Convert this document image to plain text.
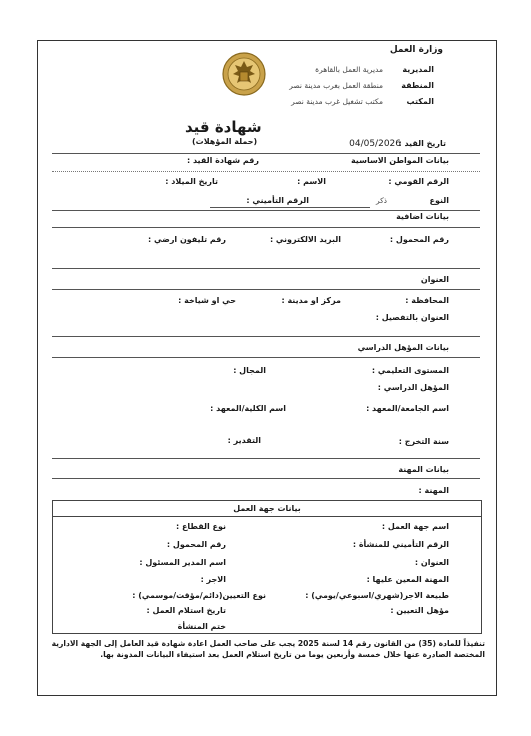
وزارة العمل
المديرية
مديرية العمل بالقاهرة
المنطقة
منطقة العمل بغرب مدينة نصر
المكتب
مكتب تشغيل غرب مدينة نصر
شهادة قيد
(حملة المؤهلات)	تاريخ القيد :
04/05/2026
بيانات المواطن الاساسية
رقم شهادة القيد :
الرقم القومي :
الاسم :
تاريخ الميلاد :
النوع
ذكر
الرقم التأميني :
بيانات اضافية
رقم المحمول :
البريد الالكتروني :
رقم تليفون ارضي :
العنوان
المحافظة :
مركز او مدينة :
حي او شياخة :
العنوان بالتفصيل :
بيانات المؤهل الدراسي
المستوى التعليمي :
المجال :
المؤهل الدراسي :
اسم الجامعة/المعهد :
اسم الكلية/المعهد :
سنة التخرج :
التقدير :
بيانات المهنة
المهنة :
بيانات جهة العمل
اسم جهة العمل :
نوع القطاع :
الرقم التأميني للمنشأة :
رقم المحمول :
العنوان :
اسم المدير المسئول :
المهنة المعين عليها :
الاجر :
طبيعة الاجر(شهري/اسبوعي/يومي) :
نوع التعيين(دائم/مؤقت/موسمي) :
مؤهل التعيين :
تاريخ استلام العمل :
ختم المنشأة
تنفيذاً للمادة (35) من القانون رقم 14 لسنة 2025 يجب على صاحب العمل اعادة شهادة قيد العامل إلى الجهة الادارية المختصة الصادرة عنها خلال خمسة وأربعين يوما من تاريخ استلام العمل بعد استيفاء البيانات المدونة بها.
